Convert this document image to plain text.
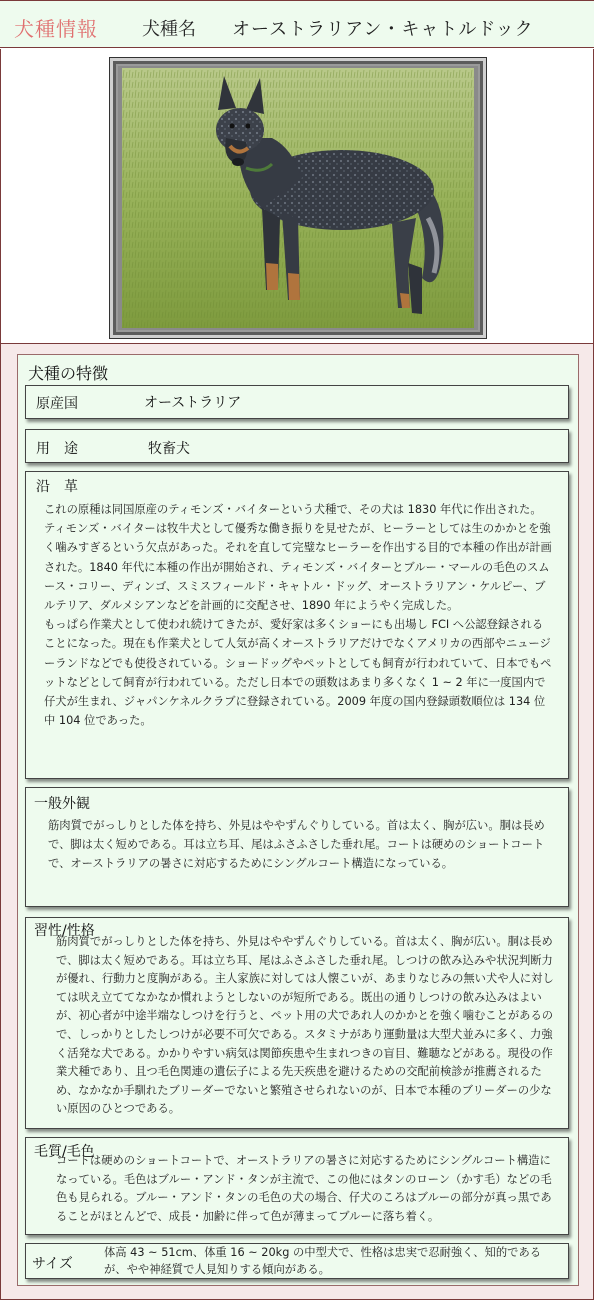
犬種情報 犬種名 オーストラリアン・キャトルドック
犬種の特徴
原産国	オーストラリア
用　途	牧畜犬
沿　革

これの原種は同国原産のティモンズ・バイターという犬種で、その犬は 1830 年代に作出された。ティモンズ・バイターは牧牛犬として優秀な働き振りを見せたが、ヒーラーとしては生のかかとを強く噛みすぎるという欠点があった。それを直して完璧なヒーラーを作出する目的で本種の作出が計画された。1840 年代に本種の作出が開始され、ティモンズ・バイターとブルー・マールの毛色のスムース・コリー、ディンゴ、スミスフィールド・キャトル・ドッグ、オーストラリアン・ケルピー、ブルテリア、ダルメシアンなどを計画的に交配させ、1890 年にようやく完成した。

もっぱら作業犬として使われ続けてきたが、愛好家は多くショーにも出場し FCI へ公認登録されることになった。現在も作業犬として人気が高くオーストラリアだけでなくアメリカの西部やニュージーランドなどでも使役されている。ショードッグやペットとしても飼育が行われていて、日本でもペットなどとして飼育が行われている。ただし日本での頭数はあまり多くなく 1 ~ 2 年に一度国内で仔犬が生まれ、ジャパンケネルクラブに登録されている。2009 年度の国内登録頭数順位は 134 位中 104 位であった。

一般外観
筋肉質でがっしりとした体を持ち、外見はややずんぐりしている。首は太く、胸が広い。胴は長めで、脚は太く短めである。耳は立ち耳、尾はふさふさした垂れ尾。コートは硬めのショートコートで、オーストラリアの暑さに対応するためにシングルコート構造になっている。
習性/性格
筋肉質でがっしりとした体を持ち、外見はややずんぐりしている。首は太く、胸が広い。胴は長めで、脚は太く短めである。耳は立ち耳、尾はふさふさした垂れ尾。しつけの飲み込みや状況判断力が優れ、行動力と度胸がある。主人家族に対しては人懐こいが、あまりなじみの無い犬や人に対しては吠え立ててなかなか慣れようとしないのが短所である。既出の通りしつけの飲み込みはよいが、初心者が中途半端なしつけを行うと、ペット用の犬であれ人のかかとを強く噛むことがあるので、しっかりとしたしつけが必要不可欠である。スタミナがあり運動量は大型犬並みに多く、力強く活発な犬である。かかりやすい病気は関節疾患や生まれつきの盲目、難聴などがある。現役の作業犬種であり、且つ毛色関連の遺伝子による先天疾患を避けるための交配前検診が推薦されるため、なかなか手馴れたブリーダーでないと繁殖させられないのが、日本で本種のブリーダーの少ない原因のひとつである。
毛質/毛色
コートは硬めのショートコートで、オーストラリアの暑さに対応するためにシングルコート構造になっている。毛色はブルー・アンド・タンが主流で、この他にはタンのローン（かす毛）などの毛色も見られる。ブルー・アンド・タンの毛色の犬の場合、仔犬のころはブルーの部分が真っ黒であることがほとんどで、成長・加齢に伴って色が薄まってブルーに落ち着く。
サイズ
体高 43 ~ 51cm、体重 16 ~ 20kg の中型犬で、性格は忠実で忍耐強く、知的であるが、やや神経質で人見知りする傾向がある。
